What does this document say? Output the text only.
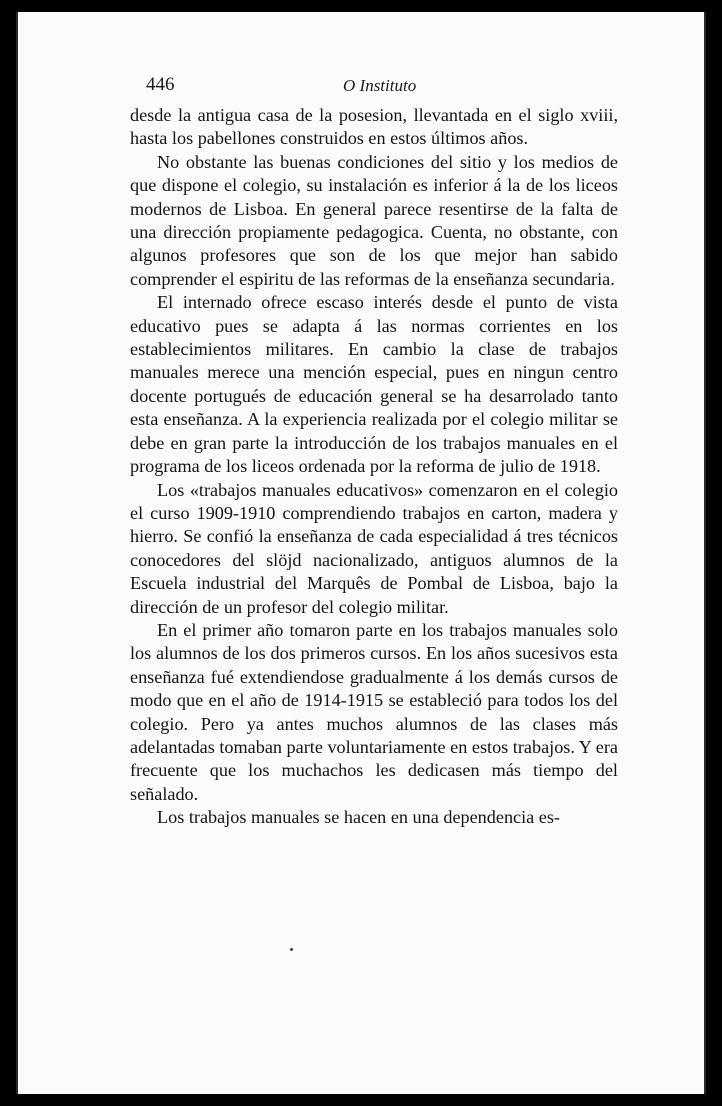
446	O Instituto

desde la antigua casa de la posesion, llevantada en el siglo xviii, hasta los pabellones construidos en estos últimos años.

No obstante las buenas condiciones del sitio y los medios de que dispone el colegio, su instalación es inferior á la de los liceos modernos de Lisboa. En general parece resentirse de la falta de una dirección propiamente pedagogica. Cuenta, no obstante, con algunos profesores que son de los que mejor han sabido comprender el espiritu de las reformas de la enseñanza secundaria.

El internado ofrece escaso interés desde el punto de vista educativo pues se adapta á las normas corrientes en los establecimientos militares. En cambio la clase de trabajos manuales merece una mención especial, pues en ningun centro docente portugués de educación general se ha desarrolado tanto esta enseñanza. A la experiencia realizada por el colegio militar se debe en gran parte la introducción de los trabajos manuales en el programa de los liceos ordenada por la reforma de julio de 1918.

Los «trabajos manuales educativos» comenzaron en el colegio el curso 1909-1910 comprendiendo trabajos en carton, madera y hierro. Se confió la enseñanza de cada especialidad á tres técnicos conocedores del slöjd nacionalizado, antiguos alumnos de la Escuela industrial del Marquês de Pombal de Lisboa, bajo la dirección de un profesor del colegio militar.

En el primer año tomaron parte en los trabajos manuales solo los alumnos de los dos primeros cursos. En los años sucesivos esta enseñanza fué extendiendose gradualmente á los demás cursos de modo que en el año de 1914-1915 se estableció para todos los del colegio. Pero ya antes muchos alumnos de las clases más adelantadas tomaban parte voluntariamente en estos trabajos. Y era frecuente que los muchachos les dedicasen más tiempo del señalado.

Los trabajos manuales se hacen en una dependencia es-
